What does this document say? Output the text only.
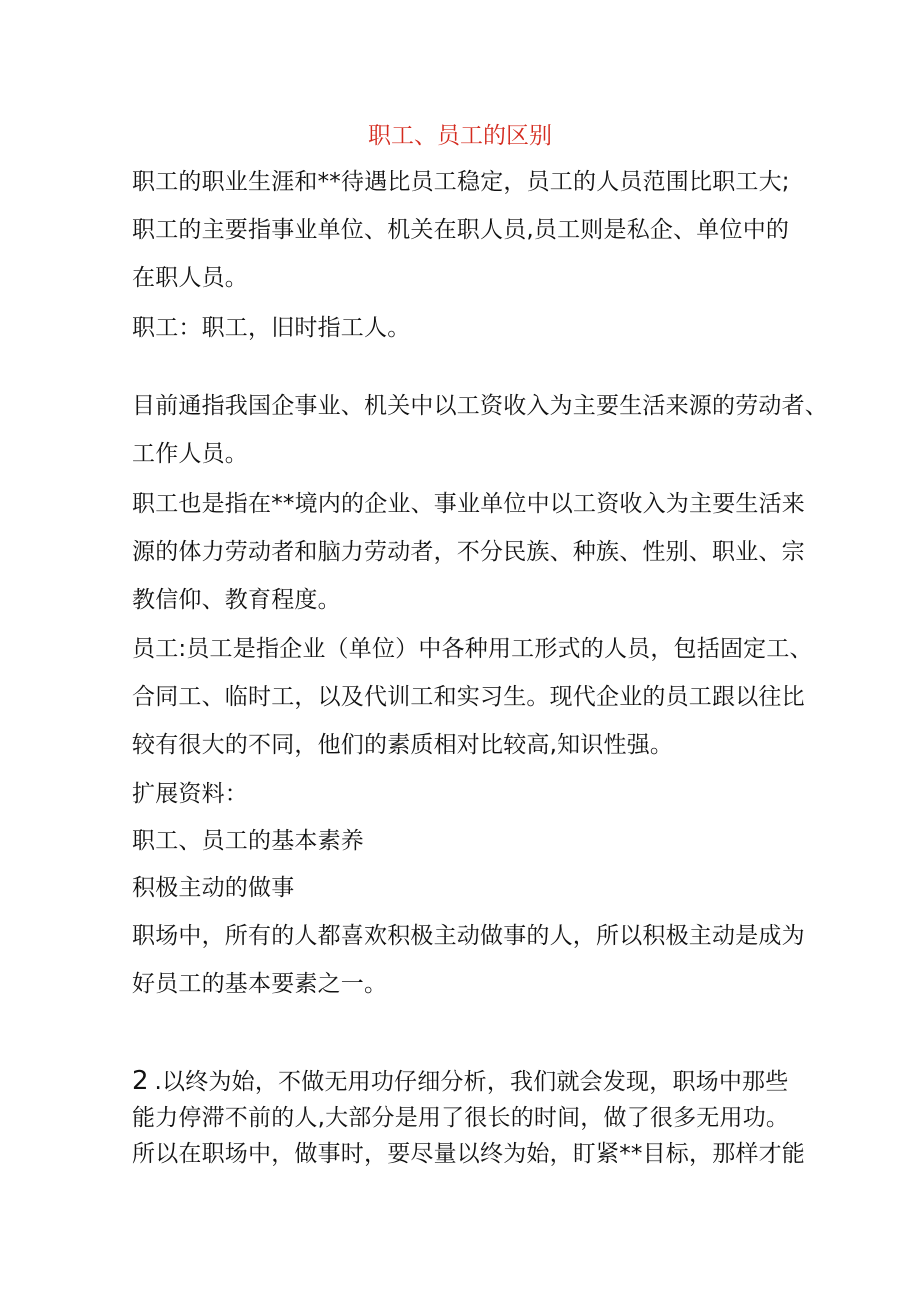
职工、员工的区别
职工的职业生涯和**待遇比员工稳定，员工的人员范围比职工大;
职工的主要指事业单位、机关在职人员,员工则是私企、单位中的
在职人员。
职工：职工，旧时指工人。
目前通指我国企事业、机关中以工资收入为主要生活来源的劳动者、
工作人员。
职工也是指在**境内的企业、事业单位中以工资收入为主要生活来
源的体力劳动者和脑力劳动者，不分民族、种族、性别、职业、宗
教信仰、教育程度。
员工:员工是指企业（单位）中各种用工形式的人员，包括固定工、
合同工、临时工，以及代训工和实习生。现代企业的员工跟以往比
较有很大的不同，他们的素质相对比较高,知识性强。
扩展资料：
职工、员工的基本素养
积极主动的做事
职场中，所有的人都喜欢积极主动做事的人，所以积极主动是成为
好员工的基本要素之一。
2.以终为始，不做无用功仔细分析，我们就会发现，职场中那些
能力停滞不前的人,大部分是用了很长的时间，做了很多无用功。
所以在职场中，做事时，要尽量以终为始，盯紧**目标，那样才能
